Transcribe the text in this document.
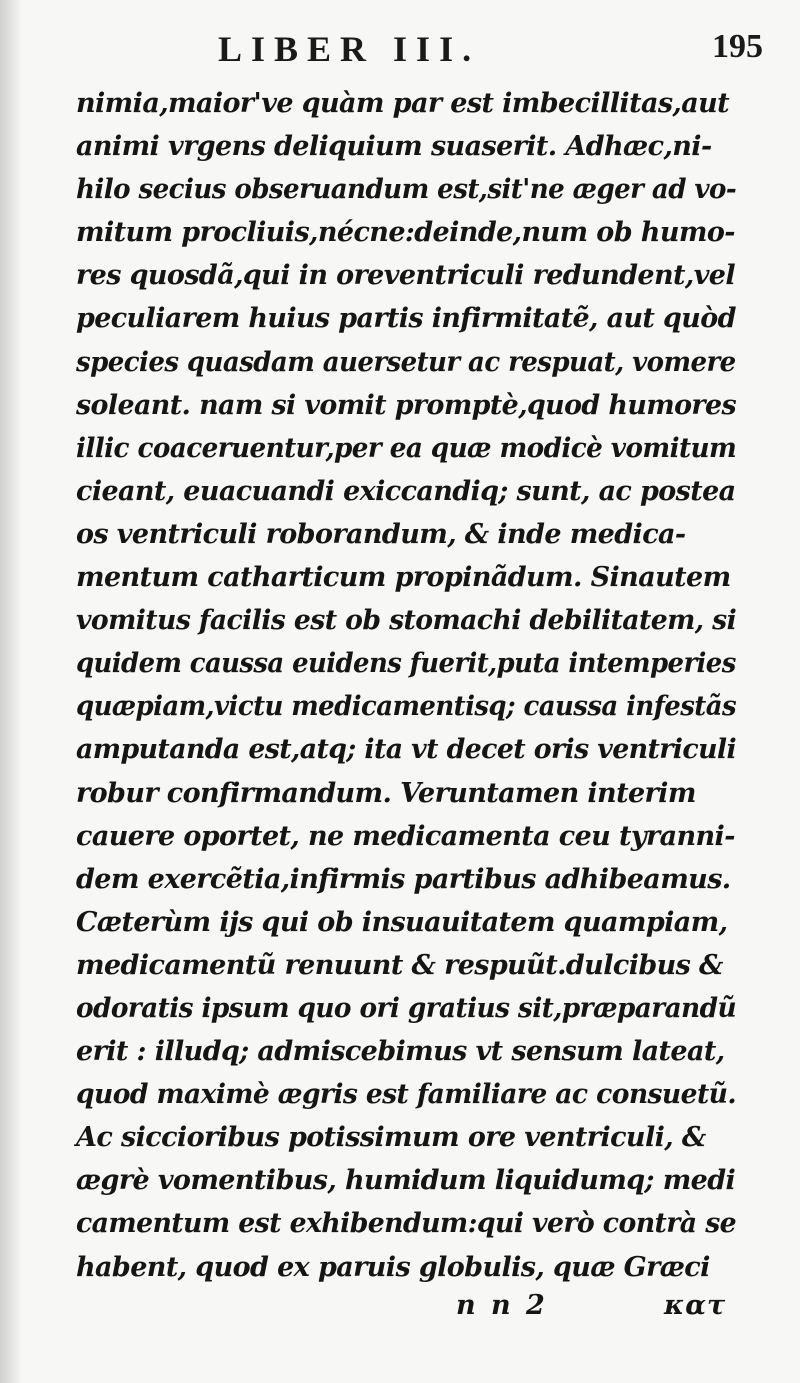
LIBER III.	195
nimia,maior've quàm par est imbecillitas,aut
animi vrgens deliquium suaserit. Adhæc,ni-
hilo secius obseruandum est,sit'ne æger ad vo-
mitum procliuis,nécne:deinde,num ob humo-
res quosdã,qui in oreventriculi redundent,vel
peculiarem huius partis infirmitatẽ, aut quòd
species quasdam auersetur ac respuat, vomere
soleant. nam si vomit promptè,quod humores
illic coaceruentur,per ea quæ modicè vomitum
cieant, euacuandi exiccandiq; sunt, ac postea
os ventriculi roborandum, & inde medica-
mentum catharticum propinãdum. Sinautem
vomitus facilis est ob stomachi debilitatem, si
quidem caussa euidens fuerit,puta intemperies
quæpiam,victu medicamentisq; caussa infestãs
amputanda est,atq; ita vt decet oris ventriculi
robur confirmandum. Veruntamen interim
cauere oportet, ne medicamenta ceu tyranni-
dem exercẽtia,infirmis partibus adhibeamus.
Cæterùm ijs qui ob insuauitatem quampiam,
medicamentũ renuunt & respuũt.dulcibus &
odoratis ipsum quo ori gratius sit,præparandũ
erit : illudq; admiscebimus vt sensum lateat,
quod maximè ægris est familiare ac consuetũ.
Ac siccioribus potissimum ore ventriculi, &
ægrè vomentibus, humidum liquidumq; medi
camentum est exhibendum:qui verò contrà se
habent, quod ex paruis globulis, quæ Græci
n n 2	κατ
